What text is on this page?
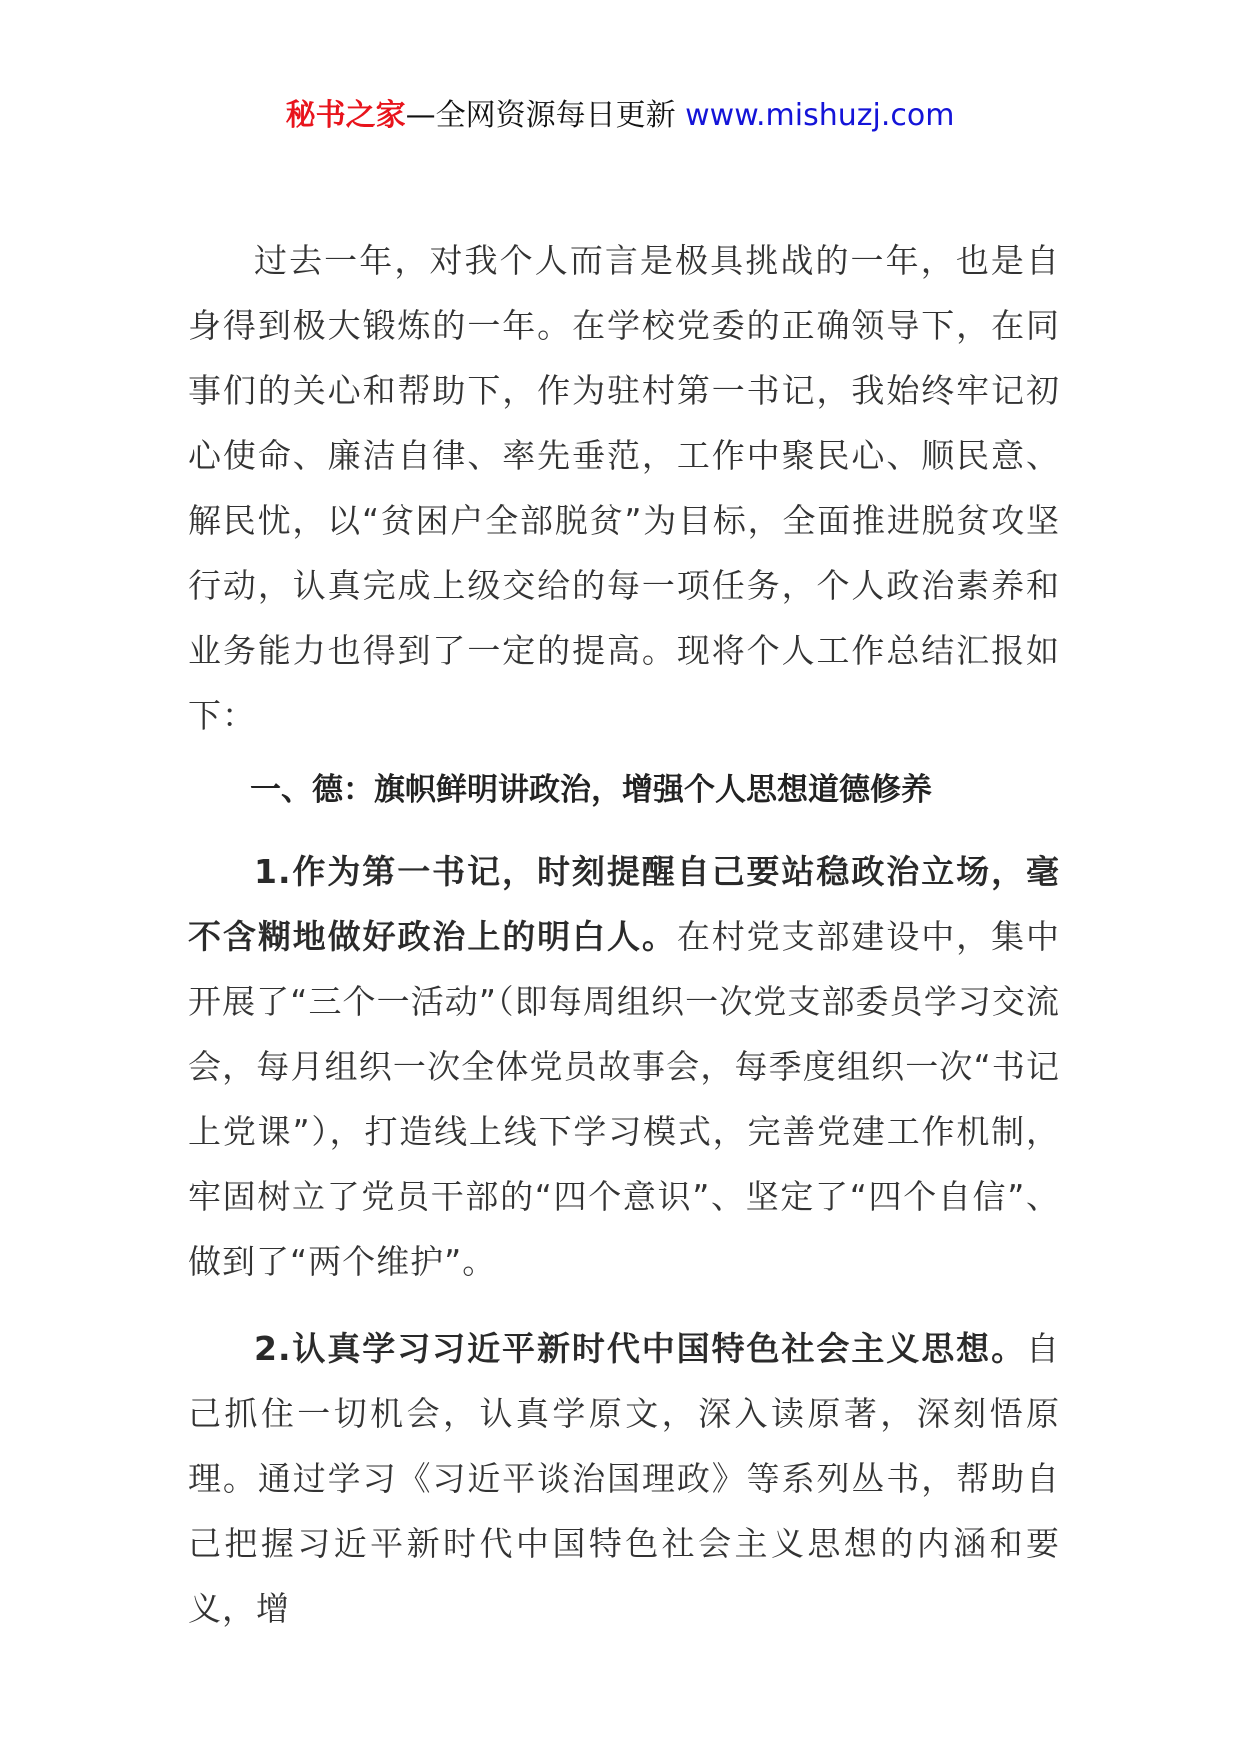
秘书之家—全网资源每日更新 www.mishuzj.com

过去一年，对我个人而言是极具挑战的一年，也是自身得到极大锻炼的一年。在学校党委的正确领导下，在同事们的关心和帮助下，作为驻村第一书记，我始终牢记初心使命、廉洁自律、率先垂范，工作中聚民心、顺民意、解民忧，以“贫困户全部脱贫”为目标，全面推进脱贫攻坚行动，认真完成上级交给的每一项任务，个人政治素养和业务能力也得到了一定的提高。现将个人工作总结汇报如下：

一、德：旗帜鲜明讲政治，增强个人思想道德修养

1.作为第一书记，时刻提醒自己要站稳政治立场，毫不含糊地做好政治上的明白人。在村党支部建设中，集中开展了“三个一活动”（即每周组织一次党支部委员学习交流会，每月组织一次全体党员故事会，每季度组织一次“书记上党课”），打造线上线下学习模式，完善党建工作机制，牢固树立了党员干部的“四个意识”、坚定了“四个自信”、做到了“两个维护”。

2.认真学习习近平新时代中国特色社会主义思想。自己抓住一切机会，认真学原文，深入读原著，深刻悟原理。通过学习《习近平谈治国理政》等系列丛书，帮助自己把握习近平新时代中国特色社会主义思想的内涵和要义，增
